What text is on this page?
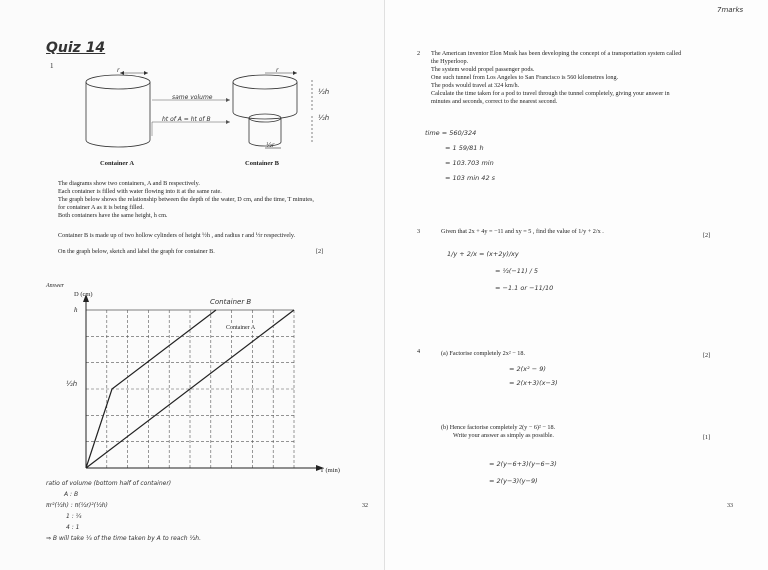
Quiz 14
1
r	r
same volume
ht of A = ht of B
½h
½h
½r
Container A	Container B
The diagrams show two containers, A and B respectively.
Each container is filled with water flowing into it at the same rate.
The graph below shows the relationship between the depth of the water, D cm, and the time, T minutes,
for container A as it is being filled.
Both containers have the same height, h cm.
Container B is made up of two hollow cylinders of height ½h , and radius r and ½r respectively.
On the graph below, sketch and label the graph for container B.	[2]
Answer
D (cm)
T (min)
h
½h
Container B
Container A
ratio of volume (bottom half of container)
A : B
πr²(½h) : π(½r)²(½h)
1 : ¼
4 : 1
⇒ B will take ¼ of the time taken by A to reach ½h.
32
7marks
2 The American inventor Elon Musk has been developing the concept of a transportation system called
the Hyperloop.
The system would propel passenger pods.
One such tunnel from Los Angeles to San Francisco is 560 kilometres long.
The pods would travel at 324 km/h.
Calculate the time taken for a pod to travel through the tunnel completely, giving your answer in
minutes and seconds, correct to the nearest second.
time = 560/324
= 1 59/81 h
= 103.703 min
= 103 min 42 s
3	Given that 2x + 4y = −11 and xy = 5 , find the value of 1/y + 2/x .
[2]
1/y + 2/x = (x+2y)/xy
= ½(−11) / 5
= −1.1 or −11/10
4	(a) Factorise completely 2x² − 18.	[2]
= 2(x² − 9)
= 2(x+3)(x−3)
(b) Hence factorise completely 2(y − 6)² − 18.
Write your answer as simply as possible.	[1]
= 2(y−6+3)(y−6−3)
= 2(y−3)(y−9)
33
